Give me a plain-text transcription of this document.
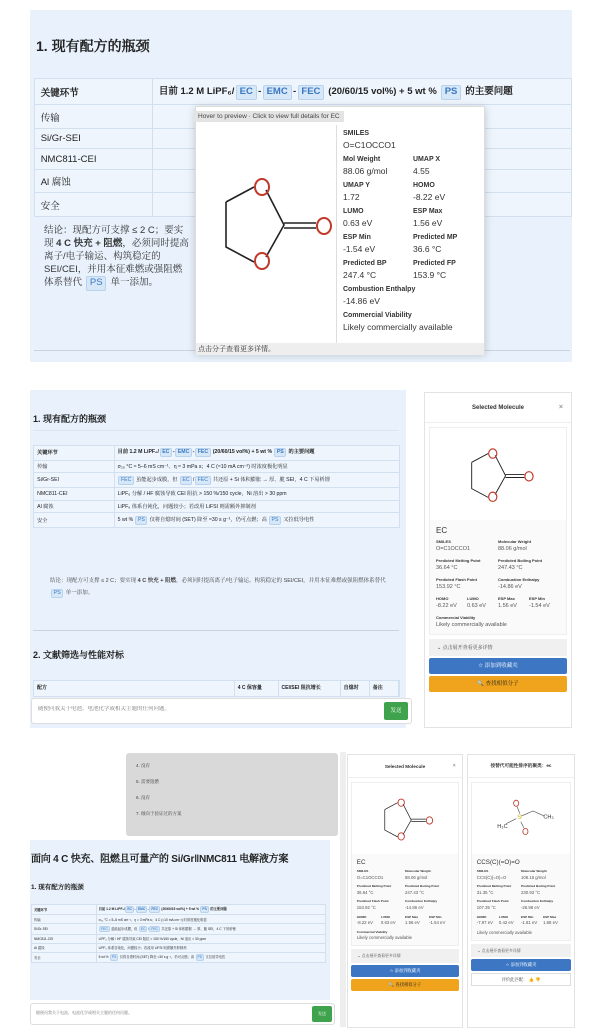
1. 现有配方的瓶颈
关键环节	目前 1.2 M LiPF₆/ EC - EMC - FEC (20/60/15 vol%) + 5 wt % PS 的主要问题
传输	
Si/Gr-SEI	
NMC811-CEI	
Al 腐蚀	
安全	
结论：现配方可支撑 ≤ 2 C；要实现 4 C 快充 + 阻燃，必须同时提高离子/电子输运、构筑稳定的 SEI/CEI，并用本征难燃或强阻燃体系替代 PS 单一添加。
Hover to preview · Click to view full details for EC
SMILES
O=C1OCCO1
Mol Weight
88.06 g/mol
UMAP X
4.55
UMAP Y
1.72
HOMO
-8.22 eV
LUMO
0.63 eV
ESP Max
1.56 eV
ESP Min
-1.54 eV
Predicted MP
36.6 °C
Predicted BP
247.4 °C
Predicted FP
153.9 °C
Combustion Enthalpy
-14.86 eV
Commercial Viability
Likely commercially available
点击分子查看更多详情。
1. 现有配方的瓶颈
关键环节	目前 1.2 M LiPF₆/ EC - EMC - FEC (20/60/15 vol%) + 5 wt % PS 的主要问题
传输	σ₂₅ °C ≈ 5–6 mS cm⁻¹、η ≈ 3 mPa s；4 C (≈10 mA cm⁻²) 时浓度极化明显
Si/Gr-SEI	FEC 虽能起步成膜，但 EC / FEC 共还原 + Si 体积膨胀 → 厚、脆 SEI，4 C 下易析锂
NMC811-CEI	LiPF₆ 分解 / HF 腐蚀导致 CEI 阻抗 > 150 %/150 cycle，Ni 溶出 > 30 ppm
Al 腐蚀	LiPF₆ 体系自钝化，问题较小；若改用 LiFSI 则需额外抑制剂
安全	5 wt % PS 仅将自熄时间 (SET) 降至 ≈30 s g⁻¹，仍可点燃；高 PS 又拉低导电性
结论：现配方可支撑 ≤ 2 C；要实现 4 C 快充 + 阻燃，必须同时提高离子/电子输运、构筑稳定的 SEI/CEI，并用本征难燃或强阻燃体系替代 PS 单一添加。
2. 文献筛选与性能对标
配方	4 C 保容量	CEI/SEI 阻抗增长	自熄时	备注
随便问我关于电池、电池化学或相关主题的任何问题。
发送
Selected Molecule	×
EC
SMILES
O=C1OCCO1
Molecular Weight
88.06 g/mol
Predicted Melting Point
36.64 °C
Predicted Boiling Point
247.43 °C
Predicted Flash Point
153.92 °C
Combustion Enthalpy
-14.86 eV
HOMO
-8.22 eV
LUMO
0.63 eV
ESP Max
1.56 eV
ESP Min
-1.54 eV
Commercial Viability
Likely commercially available
⌄ 点击展开查看更多详情
☆ 添加到收藏夹
🔍 查找相似分子
4. 没有
5. 需要阻燃
6. 没有
7. 倾向于验证过的方案
面向 4 C 快充、阻燃且可量产的 Si/Gr‖NMC811 电解液方案
1. 现有配方的瓶颈
关键环节	目前 1.2 M LiPF₆/ EC - EMC - FEC (20/60/15 vol%) + 5 wt % PS 的主要问题
传输	σ₂₅ °C ≈ 5–6 mS cm⁻¹、η ≈ 3 mPa s；4 C (≈10 mA cm⁻²) 时浓度极化明显
Si/Gr-SEI	FEC 虽能起步成膜，但 EC FEC 共还原 + Si 体积膨胀 → 厚、脆 SEI，4 C 下易析锂
NMC811-CEI	LiPF₆ 分解 / HF 腐蚀导致 CEI 阻抗 > 150 %/150 cycle，Ni 溶出 > 30 ppm
Al 腐蚀	LiPF₆ 体系自钝化，问题较小；若改用 LiFSI 则需额外抑制剂
安全	5 wt % PS 仅将自熄时间 (SET) 降至 ≈30 s g⁻¹，仍可点燃；高 PS 又拉低导电性
随便问我关于电池、电池化学或相关主题的任何问题。
发送
Selected Molecule	×
EC
SMILES
O=C1OCCO1
Molecular Weight
88.06 g/mol
Predicted Melting Point
36.64 °C
Predicted Boiling Point
247.43 °C
Predicted Flash Point
153.92 °C
Combustion Enthalpy
-14.86 eV
HOMO
-8.22 eV
LUMO
0.63 eV
ESP Max
1.56 eV
ESP Min
-1.54 eV
Commercial Viability
Likely commercially available
⌄ 点击展开查看更多详情
☆ 添加到收藏夹
🔍 查找相似分子
按替代可能性排序的聚类：ec
S
H₃C
CH₃
CCS(C)(=O)=O
SMILES
CCS(C)(=O)=O
Molecular Weight
108.16 g/mol
Predicted Melting Point
31.35 °C
Predicted Boiling Point
230.93 °C
Predicted Flash Point
107.35 °C
Combustion Enthalpy
-26.98 eV
HOMO
-7.97 eV
LUMO
0.42 eV
ESP Min
-1.81 eV
ESP Max
1.68 eV
Likely commercially available
⌄ 点击展开查看更多详情
☆ 添加到收藏夹
评价此匹配： 👍 👎
